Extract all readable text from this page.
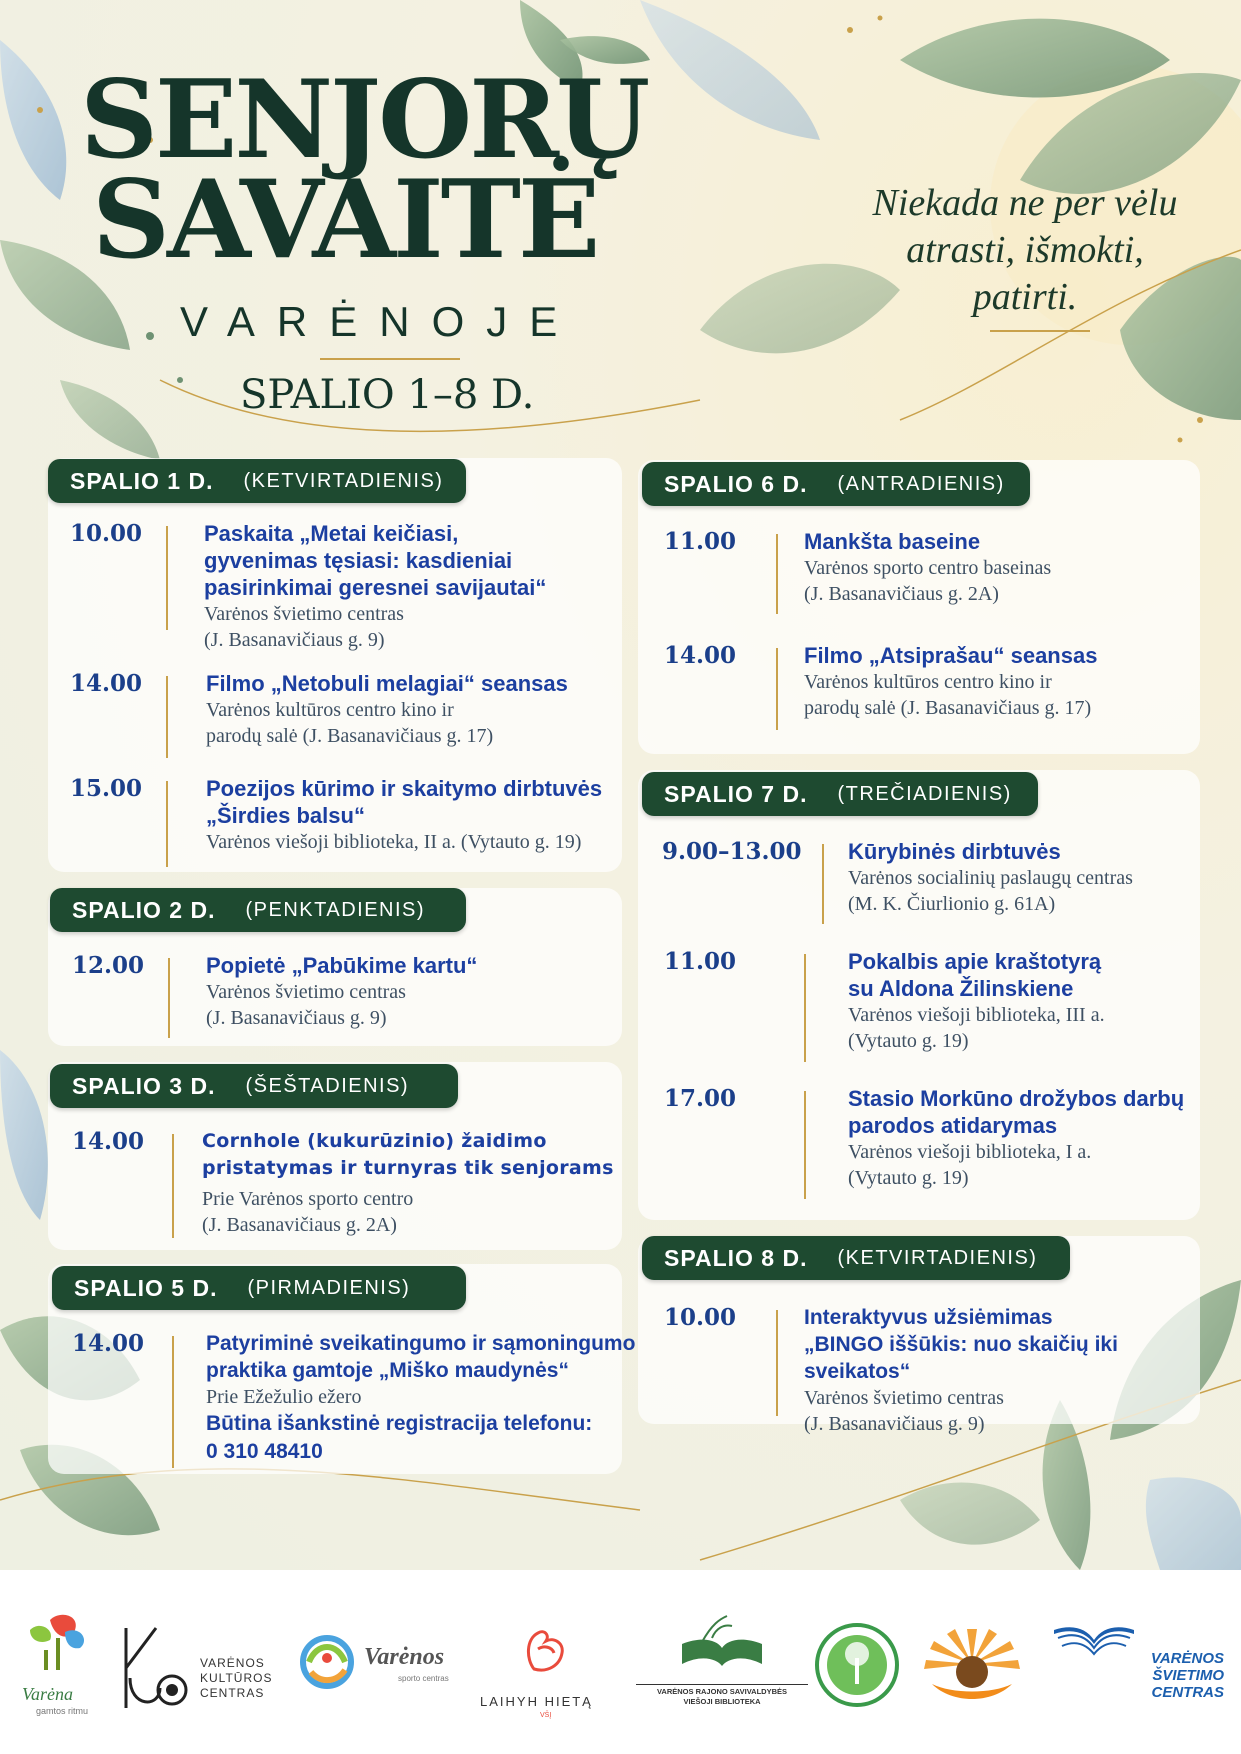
SENJORŲ
SAVAITĖ
VARĖNOJE
SPALIO 1–8 D.
Niekada ne per vėlu
atrasti, išmokti,
patirti.
SPALIO 1 D. (KETVIRTADIENIS)
10.00	Paskaita „Metai keičiasi,
gyvenimas tęsiasi: kasdieniai
pasirinkimai geresnei savijautai“
Varėnos švietimo centras
(J. Basanavičiaus g. 9)
14.00	Filmo „Netobuli melagiai“ seansas
Varėnos kultūros centro kino ir
parodų salė (J. Basanavičiaus g. 17)
15.00	Poezijos kūrimo ir skaitymo dirbtuvės
„Širdies balsu“
Varėnos viešoji biblioteka, II a. (Vytauto g. 19)
SPALIO 2 D. (PENKTADIENIS)
12.00	Popietė „Pabūkime kartu“
Varėnos švietimo centras
(J. Basanavičiaus g. 9)
SPALIO 3 D. (ŠEŠTADIENIS)
14.00	Cornhole (kukurūzinio) žaidimo
pristatymas ir turnyras tik senjorams
Prie Varėnos sporto centro
(J. Basanavičiaus g. 2A)
SPALIO 5 D. (PIRMADIENIS)
14.00	Patyriminė sveikatingumo ir sąmoningumo
praktika gamtoje „Miško maudynės“
Prie Ežežulio ežero
Būtina išankstinė registracija telefonu:
0 310 48410
SPALIO 6 D. (ANTRADIENIS)
11.00	Mankšta baseine
Varėnos sporto centro baseinas
(J. Basanavičiaus g. 2A)
14.00	Filmo „Atsiprašau“ seansas
Varėnos kultūros centro kino ir
parodų salė (J. Basanavičiaus g. 17)
SPALIO 7 D. (TREČIADIENIS)
9.00–13.00	Kūrybinės dirbtuvės
Varėnos socialinių paslaugų centras
(M. K. Čiurlionio g. 61A)
11.00	Pokalbis apie kraštotyrą
su Aldona Žilinskiene
Varėnos viešoji biblioteka, III a.
(Vytauto g. 19)
17.00	Stasio Morkūno drožybos darbų
parodos atidarymas
Varėnos viešoji biblioteka, I a.
(Vytauto g. 19)
SPALIO 8 D. (KETVIRTADIENIS)
10.00	Interaktyvus užsiėmimas
„BINGO iššūkis: nuo skaičių iki sveikatos“
Varėnos švietimo centras
(J. Basanavičiaus g. 9)
Varėna
gamtos ritmu
VARĖNOS
KULTŪROS
CENTRAS
Varėnos
sporto centras
LAIHYH HIETĄ
VŠĮ
VARĖNOS RAJONO SAVIVALDYBĖS
VIEŠOJI BIBLIOTEKA
VARĖNOS
ŠVIETIMO
CENTRAS
